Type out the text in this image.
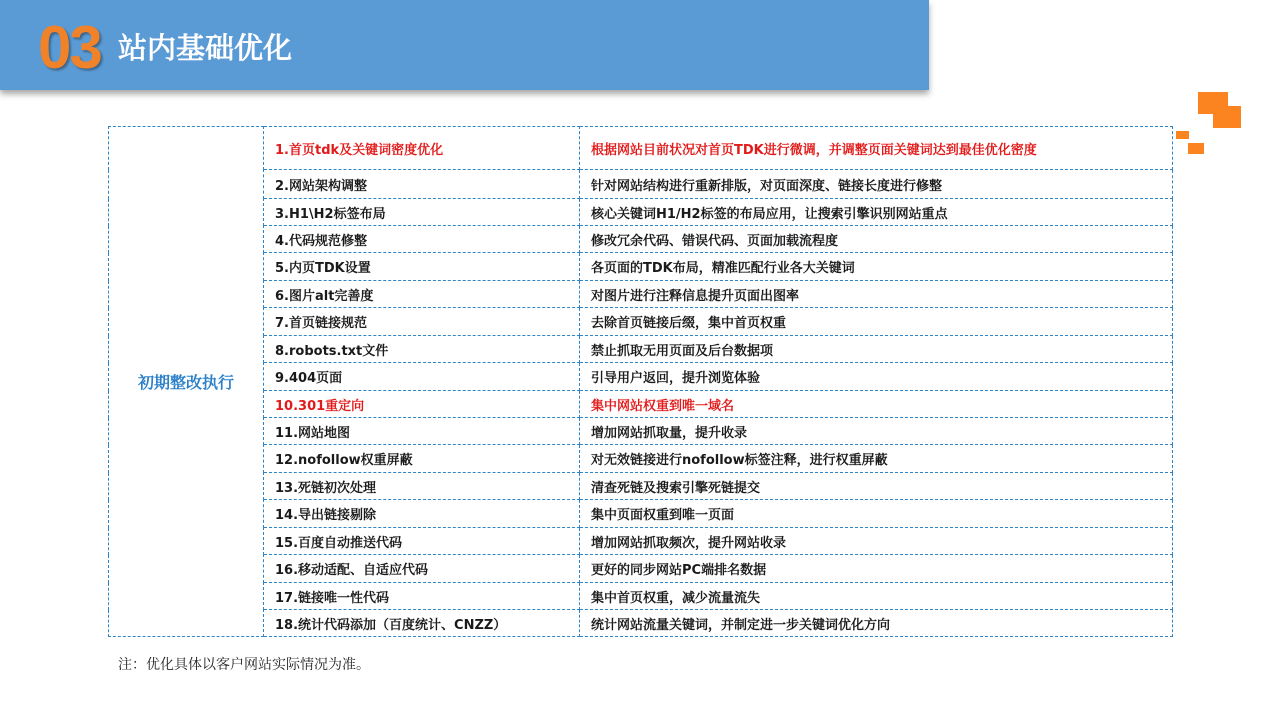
03 站内基础优化
初期整改执行	1.首页tdk及关键词密度优化	根据网站目前状况对首页TDK进行微调，并调整页面关键词达到最佳优化密度
	2.网站架构调整	针对网站结构进行重新排版，对页面深度、链接长度进行修整
	3.H1\H2标签布局	核心关键词H1/H2标签的布局应用，让搜索引擎识别网站重点
	4.代码规范修整	修改冗余代码、错误代码、页面加载流程度
	5.内页TDK设置	各页面的TDK布局，精准匹配行业各大关键词
	6.图片alt完善度	对图片进行注释信息提升页面出图率
	7.首页链接规范	去除首页链接后缀，集中首页权重
	8.robots.txt文件	禁止抓取无用页面及后台数据项
	9.404页面	引导用户返回，提升浏览体验
	10.301重定向	集中网站权重到唯一域名
	11.网站地图	增加网站抓取量，提升收录
	12.nofollow权重屏蔽	对无效链接进行nofollow标签注释，进行权重屏蔽
	13.死链初次处理	清查死链及搜索引擎死链提交
	14.导出链接剔除	集中页面权重到唯一页面
	15.百度自动推送代码	增加网站抓取频次，提升网站收录
	16.移动适配、自适应代码	更好的同步网站PC端排名数据
	17.链接唯一性代码	集中首页权重，减少流量流失
	18.统计代码添加（百度统计、CNZZ）	统计网站流量关键词，并制定进一步关键词优化方向
注：优化具体以客户网站实际情况为准。
